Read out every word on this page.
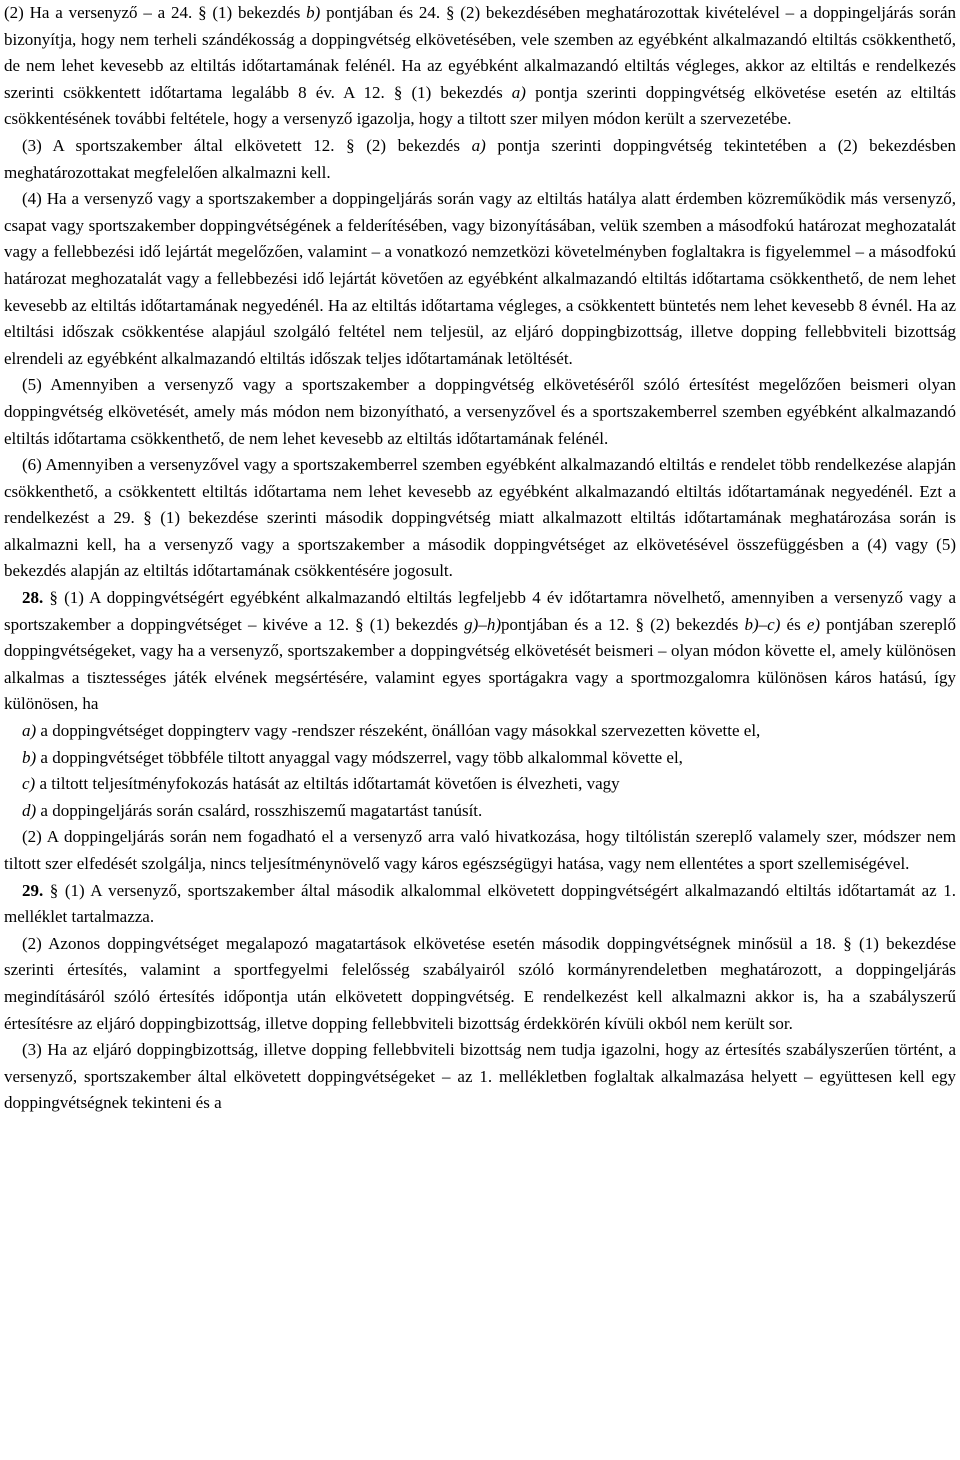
(2) Ha a versenyző – a 24. § (1) bekezdés b) pontjában és 24. § (2) bekezdésében meghatározottak kivételével – a doppingeljárás során bizonyítja, hogy nem terheli szándékosság a doppingvétség elkövetésében, vele szemben az egyébként alkalmazandó eltiltás csökkenthető, de nem lehet kevesebb az eltiltás időtartamának felénél. Ha az egyébként alkalmazandó eltiltás végleges, akkor az eltiltás e rendelkezés szerinti csökkentett időtartama legalább 8 év. A 12. § (1) bekezdés a) pontja szerinti doppingvétség elkövetése esetén az eltiltás csökkentésének további feltétele, hogy a versenyző igazolja, hogy a tiltott szer milyen módon került a szervezetébe.

(3) A sportszakember által elkövetett 12. § (2) bekezdés a) pontja szerinti doppingvétség tekintetében a (2) bekezdésben meghatározottakat megfelelően alkalmazni kell.

(4) Ha a versenyző vagy a sportszakember a doppingeljárás során vagy az eltiltás hatálya alatt érdemben közreműködik más versenyző, csapat vagy sportszakember doppingvétségének a felderítésében, vagy bizonyításában, velük szemben a másodfokú határozat meghozatalát vagy a fellebbezési idő lejártát megelőzően, valamint – a vonatkozó nemzetközi követelményben foglaltakra is figyelemmel – a másodfokú határozat meghozatalát vagy a fellebbezési idő lejártát követően az egyébként alkalmazandó eltiltás időtartama csökkenthető, de nem lehet kevesebb az eltiltás időtartamának negyedénél. Ha az eltiltás időtartama végleges, a csökkentett büntetés nem lehet kevesebb 8 évnél. Ha az eltiltási időszak csökkentése alapjául szolgáló feltétel nem teljesül, az eljáró doppingbizottság, illetve dopping fellebbviteli bizottság elrendeli az egyébként alkalmazandó eltiltás időszak teljes időtartamának letöltését.

(5) Amennyiben a versenyző vagy a sportszakember a doppingvétség elkövetéséről szóló értesítést megelőzően beismeri olyan doppingvétség elkövetését, amely más módon nem bizonyítható, a versenyzővel és a sportszakemberrel szemben egyébként alkalmazandó eltiltás időtartama csökkenthető, de nem lehet kevesebb az eltiltás időtartamának felénél.

(6) Amennyiben a versenyzővel vagy a sportszakemberrel szemben egyébként alkalmazandó eltiltás e rendelet több rendelkezése alapján csökkenthető, a csökkentett eltiltás időtartama nem lehet kevesebb az egyébként alkalmazandó eltiltás időtartamának negyedénél. Ezt a rendelkezést a 29. § (1) bekezdése szerinti második doppingvétség miatt alkalmazott eltiltás időtartamának meghatározása során is alkalmazni kell, ha a versenyző vagy a sportszakember a második doppingvétséget az elkövetésével összefüggésben a (4) vagy (5) bekezdés alapján az eltiltás időtartamának csökkentésére jogosult.

28. § (1) A doppingvétségért egyébként alkalmazandó eltiltás legfeljebb 4 év időtartamra növelhető, amennyiben a versenyző vagy a sportszakember a doppingvétséget – kivéve a 12. § (1) bekezdés g)–h)pontjában és a 12. § (2) bekezdés b)–c) és e) pontjában szereplő doppingvétségeket, vagy ha a versenyző, sportszakember a doppingvétség elkövetését beismeri – olyan módon követte el, amely különösen alkalmas a tisztességes játék elvének megsértésére, valamint egyes sportágakra vagy a sportmozgalomra különösen káros hatású, így különösen, ha

a) a doppingvétséget doppingterv vagy -rendszer részeként, önállóan vagy másokkal szervezetten követte el,

b) a doppingvétséget többféle tiltott anyaggal vagy módszerrel, vagy több alkalommal követte el,

c) a tiltott teljesítményfokozás hatását az eltiltás időtartamát követően is élvezheti, vagy

d) a doppingeljárás során csalárd, rosszhiszemű magatartást tanúsít.

(2) A doppingeljárás során nem fogadható el a versenyző arra való hivatkozása, hogy tiltólistán szereplő valamely szer, módszer nem tiltott szer elfedését szolgálja, nincs teljesítménynövelő vagy káros egészségügyi hatása, vagy nem ellentétes a sport szellemiségével.

29. § (1) A versenyző, sportszakember által második alkalommal elkövetett doppingvétségért alkalmazandó eltiltás időtartamát az 1. melléklet tartalmazza.

(2) Azonos doppingvétséget megalapozó magatartások elkövetése esetén második doppingvétségnek minősül a 18. § (1) bekezdése szerinti értesítés, valamint a sportfegyelmi felelősség szabályairól szóló kormányrendeletben meghatározott, a doppingeljárás megindításáról szóló értesítés időpontja után elkövetett doppingvétség. E rendelkezést kell alkalmazni akkor is, ha a szabályszerű értesítésre az eljáró doppingbizottság, illetve dopping fellebbviteli bizottság érdekkörén kívüli okból nem került sor.

(3) Ha az eljáró doppingbizottság, illetve dopping fellebbviteli bizottság nem tudja igazolni, hogy az értesítés szabályszerűen történt, a versenyző, sportszakember által elkövetett doppingvétségeket – az 1. mellékletben foglaltak alkalmazása helyett – együttesen kell egy doppingvétségnek tekinteni és a
